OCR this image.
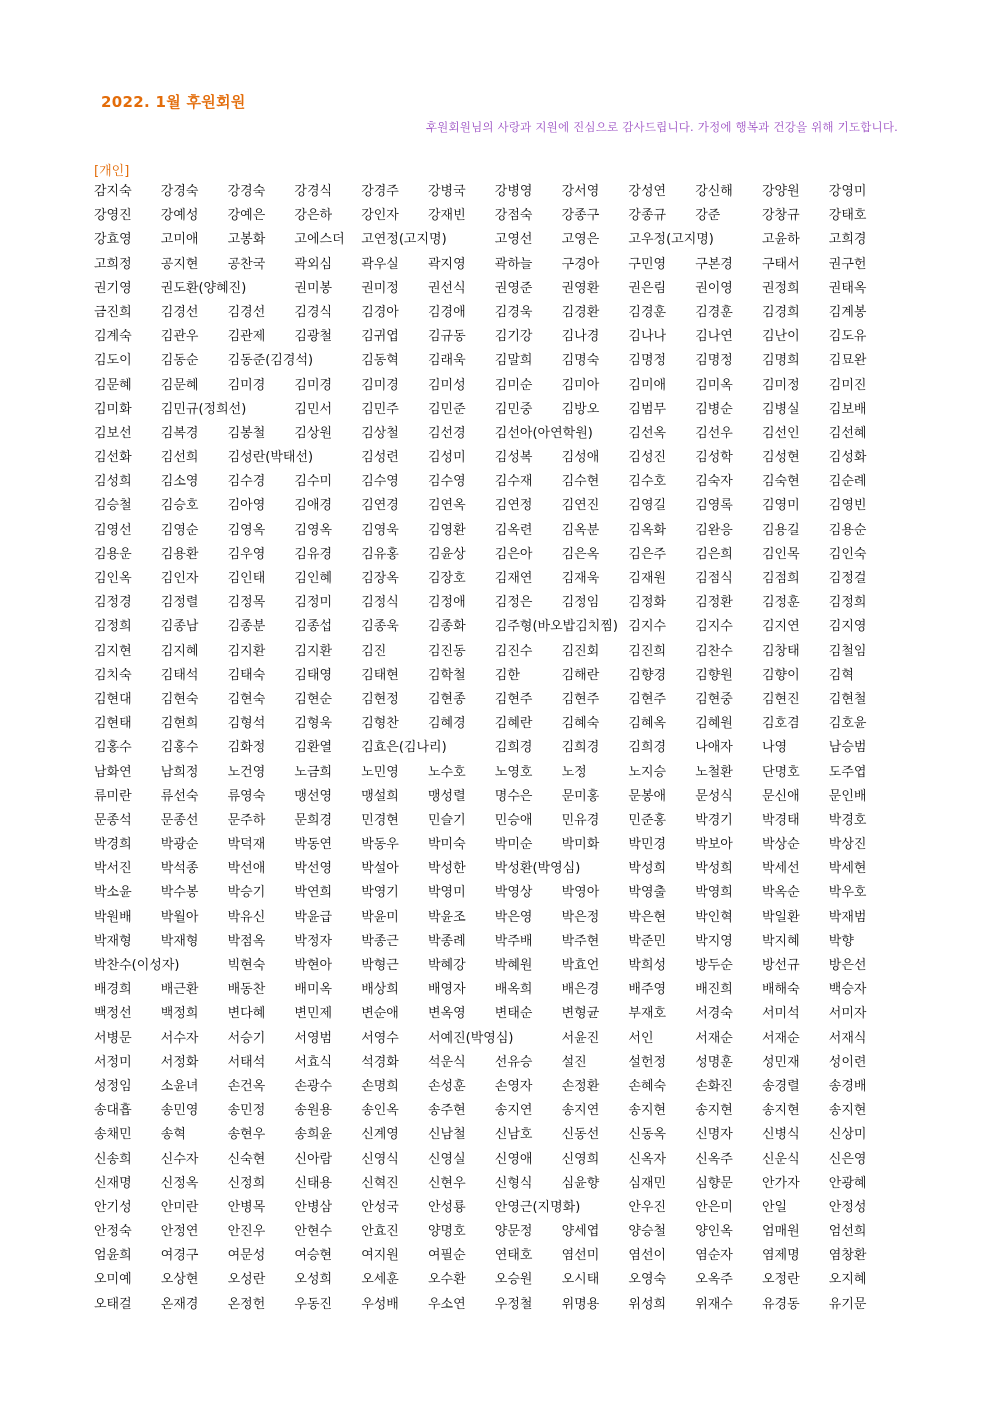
2022. 1월 후원회원
후원회원님의 사랑과 지원에 진심으로 감사드립니다. 가정에 행복과 건강을 위해 기도합니다.
[개인]
감지숙 강경숙 강경숙 강경식 강경주 강병국 강병영 강서영 강성연 강신해 강양원 강영미
강영진 강예성 강예은 강은하 강인자 강재빈 강점숙 강종구 강종규 강준	강창규 강태호
강효영 고미애 고봉화 고에스더 고연정(고지명)	고영선 고영은 고우정(고지명)	고윤하 고희경
고희정 공지현 공찬국 곽외심 곽우실 곽지영 곽하늘 구경아 구민영 구본경 구태서 권구헌
권기영 권도환(양혜진)	권미봉 권미정 권선식 권영준 권영환 권은림 권이영 권정희 권태옥
금진희 김경선 김경선 김경식 김경아 김경애 김경욱 김경환 김경훈 김경훈 김경희 김계봉
김계숙 김관우 김관제 김광철 김귀엽 김규동 김기강 김나경 김나나 김나연 김난이 김도유
김도이 김동순 김동준(김경석)	김동혁 김래욱 김말희 김명숙 김명정 김명정 김명희 김묘완
김문혜 김문혜 김미경 김미경 김미경 김미성 김미순 김미아 김미애 김미옥 김미정 김미진
김미화 김민규(정희선)	김민서 김민주 김민준 김민중 김방오 김범무 김병순 김병실 김보배
김보선 김복경 김봉철 김상원 김상철 김선경 김선아(아연학원)	김선옥 김선우 김선인 김선혜
김선화 김선희 김성란(박태선)	김성련 김성미 김성복 김성애 김성진 김성학 김성현 김성화
김성희 김소영 김수경 김수미 김수영 김수영 김수재 김수현 김수호 김숙자 김숙현 김순례
김승철 김승호 김아영 김애경 김연경 김연옥 김연정 김연진 김영길 김영록 김영미 김영빈
김영선 김영순 김영옥 김영옥 김영욱 김영환 김옥련 김옥분 김옥화 김완응 김용길 김용순
김용운 김용환 김우영 김유경 김유홍 김윤상 김은아 김은옥 김은주 김은희 김인목 김인숙
김인옥 김인자 김인태 김인혜 김장옥 김장호 김재연 김재욱 김재원 김점식 김점희 김정걸
김정경 김정렬 김정목 김정미 김정식 김정애 김정은 김정임 김정화 김정환 김정훈 김정희
김정희 김종남 김종분 김종섭 김종욱 김종화 김주형(바오밥김치찜) 김지수 김지수 김지연 김지영
김지현 김지혜 김지환 김지환 김진	김진동 김진수 김진회 김진희 김찬수 김창태 김철임
김치숙 김태석 김태숙 김태영 김태현 김학철 김한	김해란 김향경 김향원 김향이 김혁
김현대 김현숙 김현숙 김현순 김현정 김현종 김현주 김현주 김현주 김현중 김현진 김현철
김현태 김현희 김형석 김형욱 김형찬 김혜경 김혜란 김혜숙 김혜옥 김혜원 김호겸 김호윤
김홍수 김홍수 김화정 김환열 김효은(김나리)	김희경 김희경 김희경 나애자 나영	남승범
남화연 남희정 노건영 노금희 노민영 노수호 노영호 노정	노지승 노철환 단명호 도주엽
류미란 류선숙 류영숙 맹선영 맹설희 맹성렬 명수은 문미홍 문봉애 문성식 문신애 문인배
문종석 문종선 문주하 문희경 민경현 민슬기 민승애 민유경 민준홍 박경기 박경태 박경호
박경희 박광순 박덕재 박동연 박동우 박미숙 박미순 박미화 박민경 박보아 박상순 박상진
박서진 박석종 박선애 박선영 박설아 박성한 박성환(박영심)	박성희 박성희 박세선 박세현
박소윤 박수봉 박승기 박연희 박영기 박영미 박영상 박영아 박영출 박영희 박옥순 박우호
박원배 박월아 박유신 박윤급 박윤미 박윤조 박은영 박은정 박은현 박인혁 박일환 박재범
박재형 박재형 박점옥 박정자 박종근 박종례 박주배 박주현 박준민 박지영 박지혜 박향
박찬수(이성자)	빅현숙 박현아 박형근 박혜강 박혜원 박효언 박희성 방두순 방선규 방은선
배경희 배근환 배동찬 배미옥 배상희 배영자 배옥희 배은경 배주영 배진희 배해숙 백승자
백정선 백정희 변다혜 변민제 변순애 변옥영 변태순 변형균 부재호 서경숙 서미석 서미자
서병문 서수자 서승기 서영범 서영수 서예진(박영심)	서윤진 서인	서재순 서재순 서재식
서정미 서정화 서태석 서효식 석경화 석운식 선유승 설진	설헌정 성명훈 성민재 성이련
성정임 소윤녀 손건옥 손광수 손명희 손성훈 손영자 손정환 손혜숙 손화진 송경렬 송경배
송대흡 송민영 송민정 송원용 송인옥 송주현 송지연 송지연 송지현 송지현 송지현 송지현
송채민 송혁	송현우 송희윤 신계영 신남철 신남호 신동선 신동옥 신명자 신병식 신상미
신송희 신수자 신숙현 신아람 신영식 신영실 신영애 신영희 신옥자 신옥주 신운식 신은영
신재명 신정옥 신정희 신태용 신혁진 신현우 신형식 심윤향 심재민 심향문 안가자 안광혜
안기성 안미란 안병목 안병삼 안성국 안성룡 안영근(지명화)	안우진 안은미 안일	안정성
안정숙 안정연 안진우 안현수 안효진 양명호 양문정 양세엽 양승철 양인옥 엄매원 엄선희
엄윤희 여경구 여문성 여승현 여지원 여필순 연태호 염선미 염선이 염순자 염제명 염창환
오미예 오상현 오성란 오성희 오세훈 오수환 오승원 오시태 오영숙 오옥주 오정란 오지혜
오태걸 온재경 온정헌 우동진 우성배 우소연 우정철 위명용 위성희 위재수 유경동 유기문
